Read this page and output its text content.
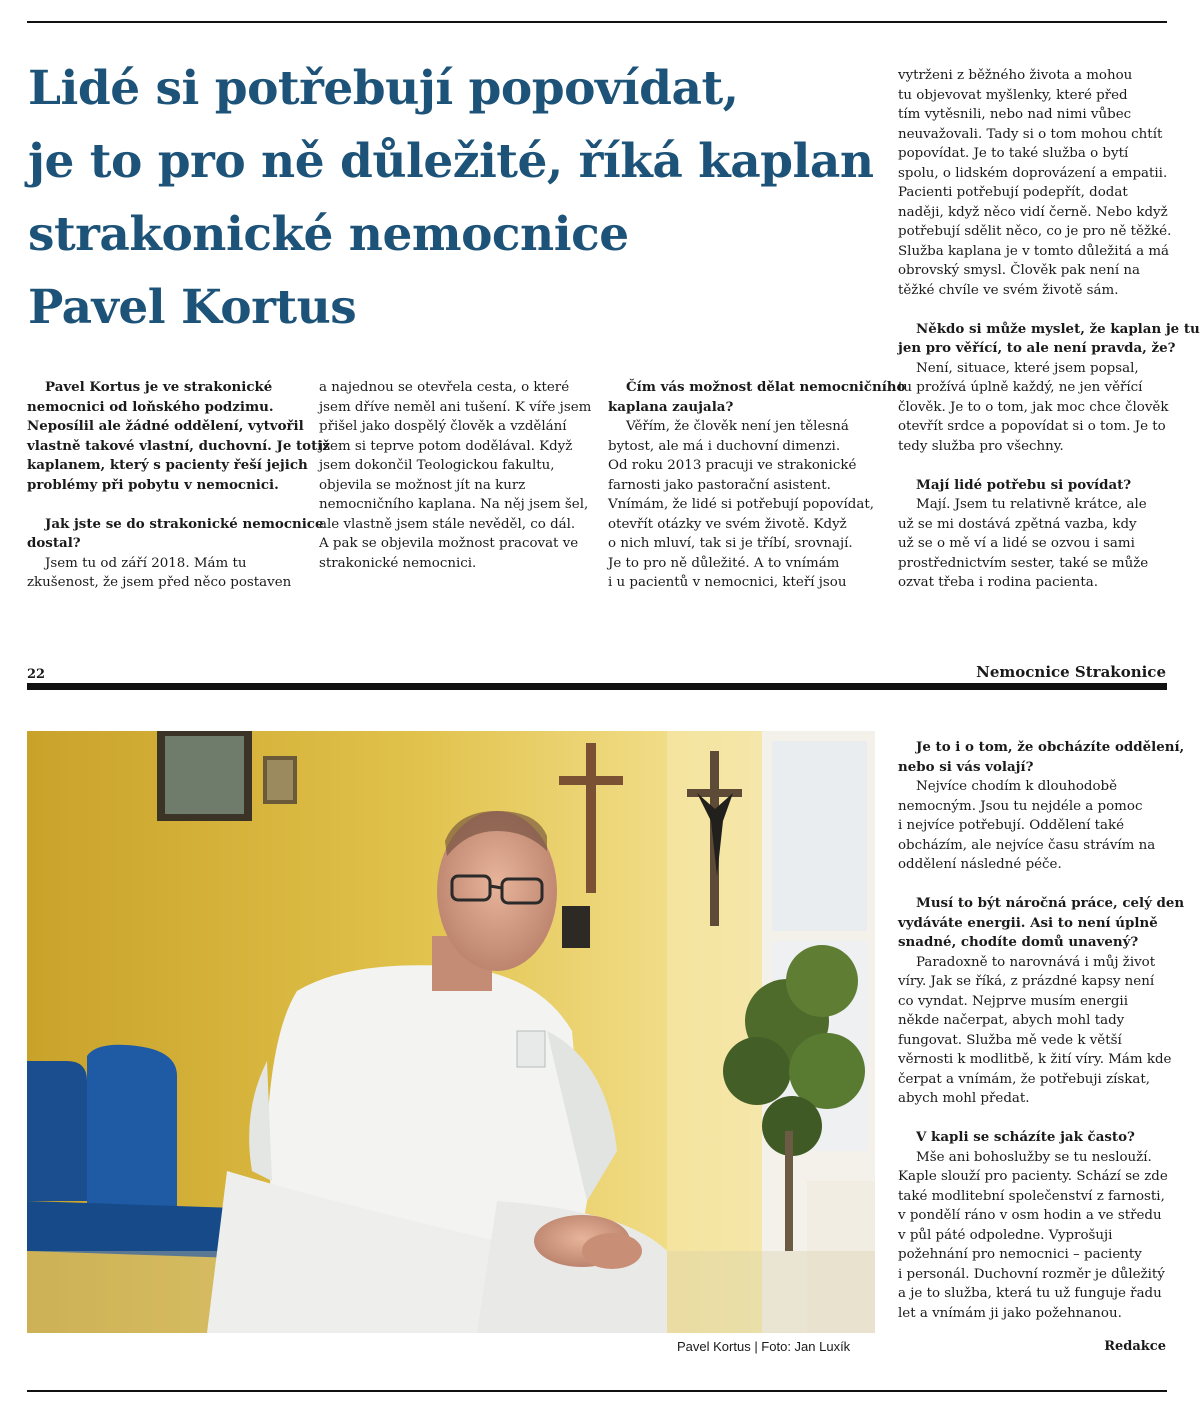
Lidé si potřebují popovídat,
je to pro ně důležité, říká kaplan
strakonické nemocnice
Pavel Kortus

Pavel Kortus je ve strakonické

nemocnici od loňského podzimu.

Neposílil ale žádné oddělení, vytvořil

vlastně takové vlastní, duchovní. Je totiž

kaplanem, který s pacienty řeší jejich

problémy při pobytu v nemocnici.

Jak jste se do strakonické nemocnice

dostal?

Jsem tu od září 2018. Mám tu

zkušenost, že jsem před něco postaven

a najednou se otevřela cesta, o které

jsem dříve neměl ani tušení. K víře jsem

přišel jako dospělý člověk a vzdělání

jsem si teprve potom dodělával. Když

jsem dokončil Teologickou fakultu,

objevila se možnost jít na kurz

nemocničního kaplana. Na něj jsem šel,

ale vlastně jsem stále nevěděl, co dál.

A pak se objevila možnost pracovat ve

strakonické nemocnici.

Čím vás možnost dělat nemocničního

kaplana zaujala?

Věřím, že člověk není jen tělesná

bytost, ale má i duchovní dimenzi.

Od roku 2013 pracuji ve strakonické

farnosti jako pastorační asistent.

Vnímám, že lidé si potřebují popovídat,

otevřít otázky ve svém životě. Když

o nich mluví, tak si je tříbí, srovnají.

Je to pro ně důležité. A to vnímám

i u pacientů v nemocnici, kteří jsou

vytrženi z běžného života a mohou

tu objevovat myšlenky, které před

tím vytěsnili, nebo nad nimi vůbec

neuvažovali. Tady si o tom mohou chtít

popovídat. Je to také služba o bytí

spolu, o lidském doprovázení a empatii.

Pacienti potřebují podepřít, dodat

naději, když něco vidí černě. Nebo když

potřebují sdělit něco, co je pro ně těžké.

Služba kaplana je v tomto důležitá a má

obrovský smysl. Člověk pak není na

těžké chvíle ve svém životě sám.

Někdo si může myslet, že kaplan je tu

jen pro věřící, to ale není pravda, že?

Není, situace, které jsem popsal,

tu prožívá úplně každý, ne jen věřící

člověk. Je to o tom, jak moc chce člověk

otevřít srdce a popovídat si o tom. Je to

tedy služba pro všechny.

Mají lidé potřebu si povídat?

Mají. Jsem tu relativně krátce, ale

už se mi dostává zpětná vazba, kdy

už se o mě ví a lidé se ozvou i sami

prostřednictvím sester, také se může

ozvat třeba i rodina pacienta.

22	Nemocnice Strakonice

Je to i o tom, že obcházíte oddělení,

nebo si vás volají?

Nejvíce chodím k dlouhodobě

nemocným. Jsou tu nejdéle a pomoc

i nejvíce potřebují. Oddělení také

obcházím, ale nejvíce času strávím na

oddělení následné péče.

Musí to být náročná práce, celý den

vydáváte energii. Asi to není úplně

snadné, chodíte domů unavený?

Paradoxně to narovnává i můj život

víry. Jak se říká, z prázdné kapsy není

co vyndat. Nejprve musím energii

někde načerpat, abych mohl tady

fungovat. Služba mě vede k větší

věrnosti k modlitbě, k žití víry. Mám kde

čerpat a vnímám, že potřebuji získat,

abych mohl předat.

V kapli se scházíte jak často?

Mše ani bohoslužby se tu neslouží.

Kaple slouží pro pacienty. Schází se zde

také modlitební společenství z farnosti,

v pondělí ráno v osm hodin a ve středu

v půl páté odpoledne. Vyprošuji

požehnání pro nemocnici – pacienty

i personál. Duchovní rozměr je důležitý

a je to služba, která tu už funguje řadu

let a vnímám ji jako požehnanou.

Pavel Kortus | Foto: Jan Luxík	Redakce
